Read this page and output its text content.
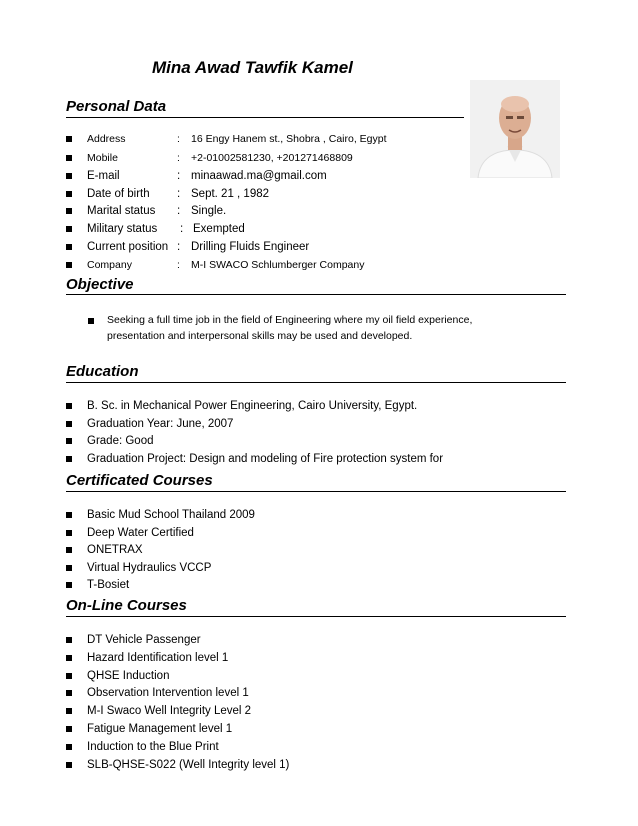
Mina Awad Tawfik Kamel
Personal Data
Address	: 16 Engy Hanem st., Shobra , Cairo, Egypt
Mobile	: +2-01002581230, +201271468809
E-mail	: minaawad.ma@gmail.com
Date of birth : Sept. 21 , 1982
Marital status : Single.
Military status : Exempted
Current position : Drilling Fluids Engineer
Company	: M-I SWACO Schlumberger Company
Objective
Seeking a full time job in the field of Engineering where my oil field experience,
presentation and interpersonal skills may be used and developed.
Education
B. Sc. in Mechanical Power Engineering, Cairo University, Egypt.
Graduation Year: June, 2007
Grade: Good
Graduation Project: Design and modeling of Fire protection system for
Certificated Courses
Basic Mud School Thailand 2009
Deep Water Certified
ONETRAX
Virtual Hydraulics VCCP
T-Bosiet
On-Line Courses
DT Vehicle Passenger
Hazard Identification level 1
QHSE Induction
Observation Intervention level 1
M-I Swaco Well Integrity Level 2
Fatigue Management level 1
Induction to the Blue Print
SLB-QHSE-S022 (Well Integrity level 1)
